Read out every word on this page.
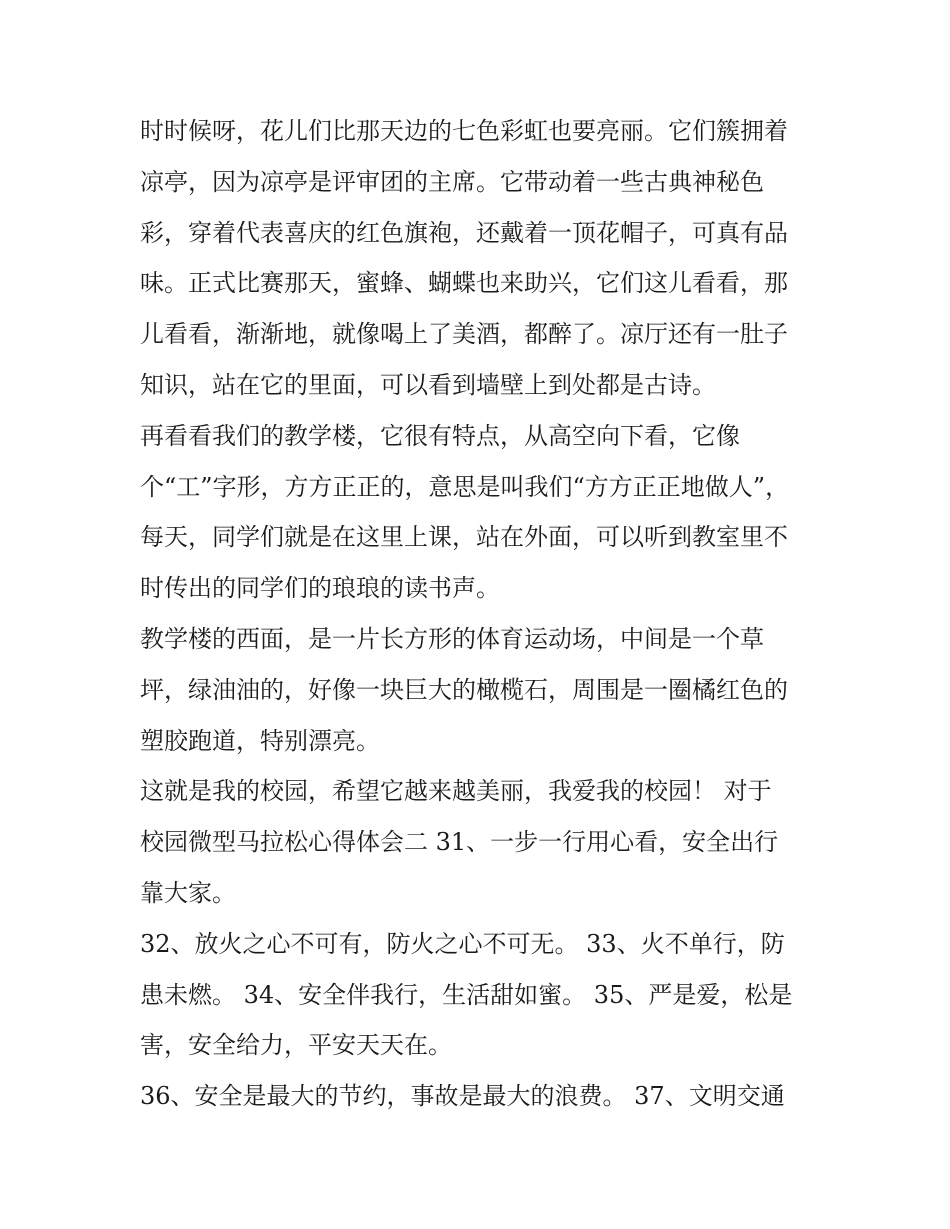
时时候呀，花儿们比那天边的七色彩虹也要亮丽。它们簇拥着
凉亭，因为凉亭是评审团的主席。它带动着一些古典神秘色
彩，穿着代表喜庆的红色旗袍，还戴着一顶花帽子，可真有品
味。正式比赛那天，蜜蜂、蝴蝶也来助兴，它们这儿看看，那
儿看看，渐渐地，就像喝上了美酒，都醉了。凉厅还有一肚子
知识，站在它的里面，可以看到墙壁上到处都是古诗。
再看看我们的教学楼，它很有特点，从高空向下看，它像
个“工”字形，方方正正的，意思是叫我们“方方正正地做人”，
每天，同学们就是在这里上课，站在外面，可以听到教室里不
时传出的同学们的琅琅的读书声。
教学楼的西面，是一片长方形的体育运动场，中间是一个草
坪，绿油油的，好像一块巨大的橄榄石，周围是一圈橘红色的
塑胶跑道，特别漂亮。
这就是我的校园，希望它越来越美丽，我爱我的校园！ 对于
校园微型马拉松心得体会二 31、一步一行用心看，安全出行
靠大家。
32、放火之心不可有，防火之心不可无。 33、火不单行，防
患未燃。 34、安全伴我行，生活甜如蜜。 35、严是爱，松是
害，安全给力，平安天天在。
36、安全是最大的节约，事故是最大的浪费。 37、文明交通
